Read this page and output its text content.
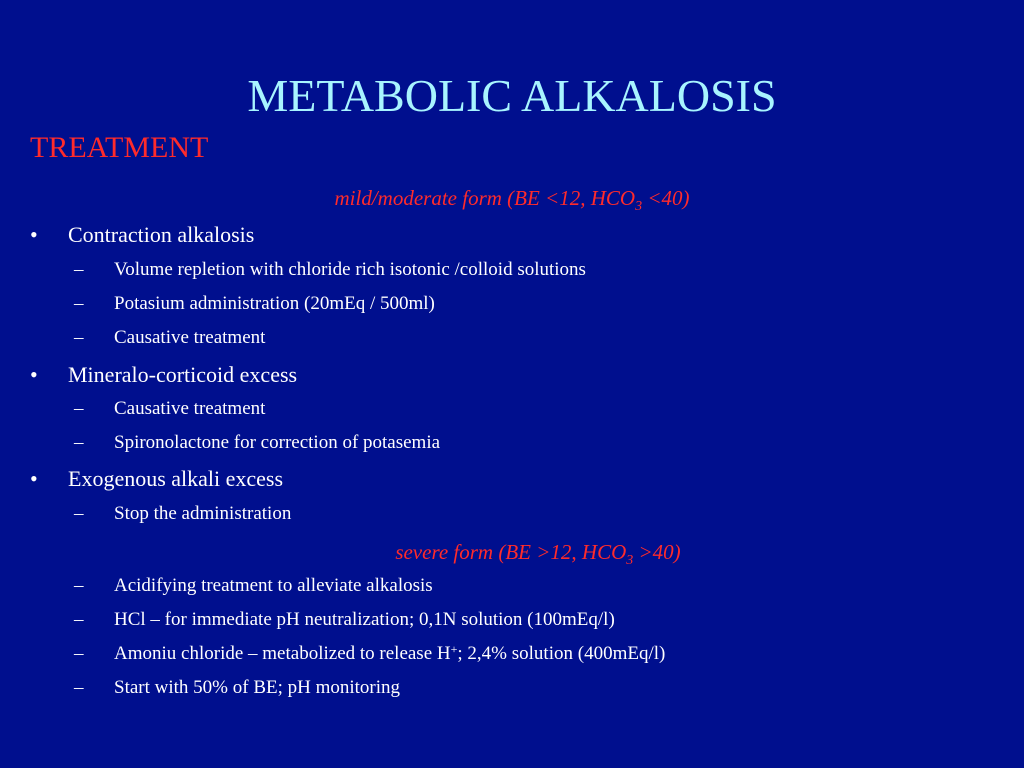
METABOLIC ALKALOSIS
TREATMENT
mild/moderate form (BE <12, $HCO_3 <40$)
• Contraction alkalosis
– Volume repletion with chloride rich isotonic /colloid solutions
– Potasium administration (20mEq / 500ml)
– Causative treatment
• Mineralo-corticoid excess
– Causative treatment
– Spironolactone for correction of potasemia
• Exogenous alkali excess
– Stop the administration
severe form (BE >12, $HCO_3 >40$)
– Acidifying treatment to alleviate alkalosis
– HCl – for immediate pH neutralization; 0,1N solution (100mEq/l)
– Amoniu chloride – metabolized to release H+; 2,4% solution (400mEq/l)
– Start with 50% of BE; pH monitoring
